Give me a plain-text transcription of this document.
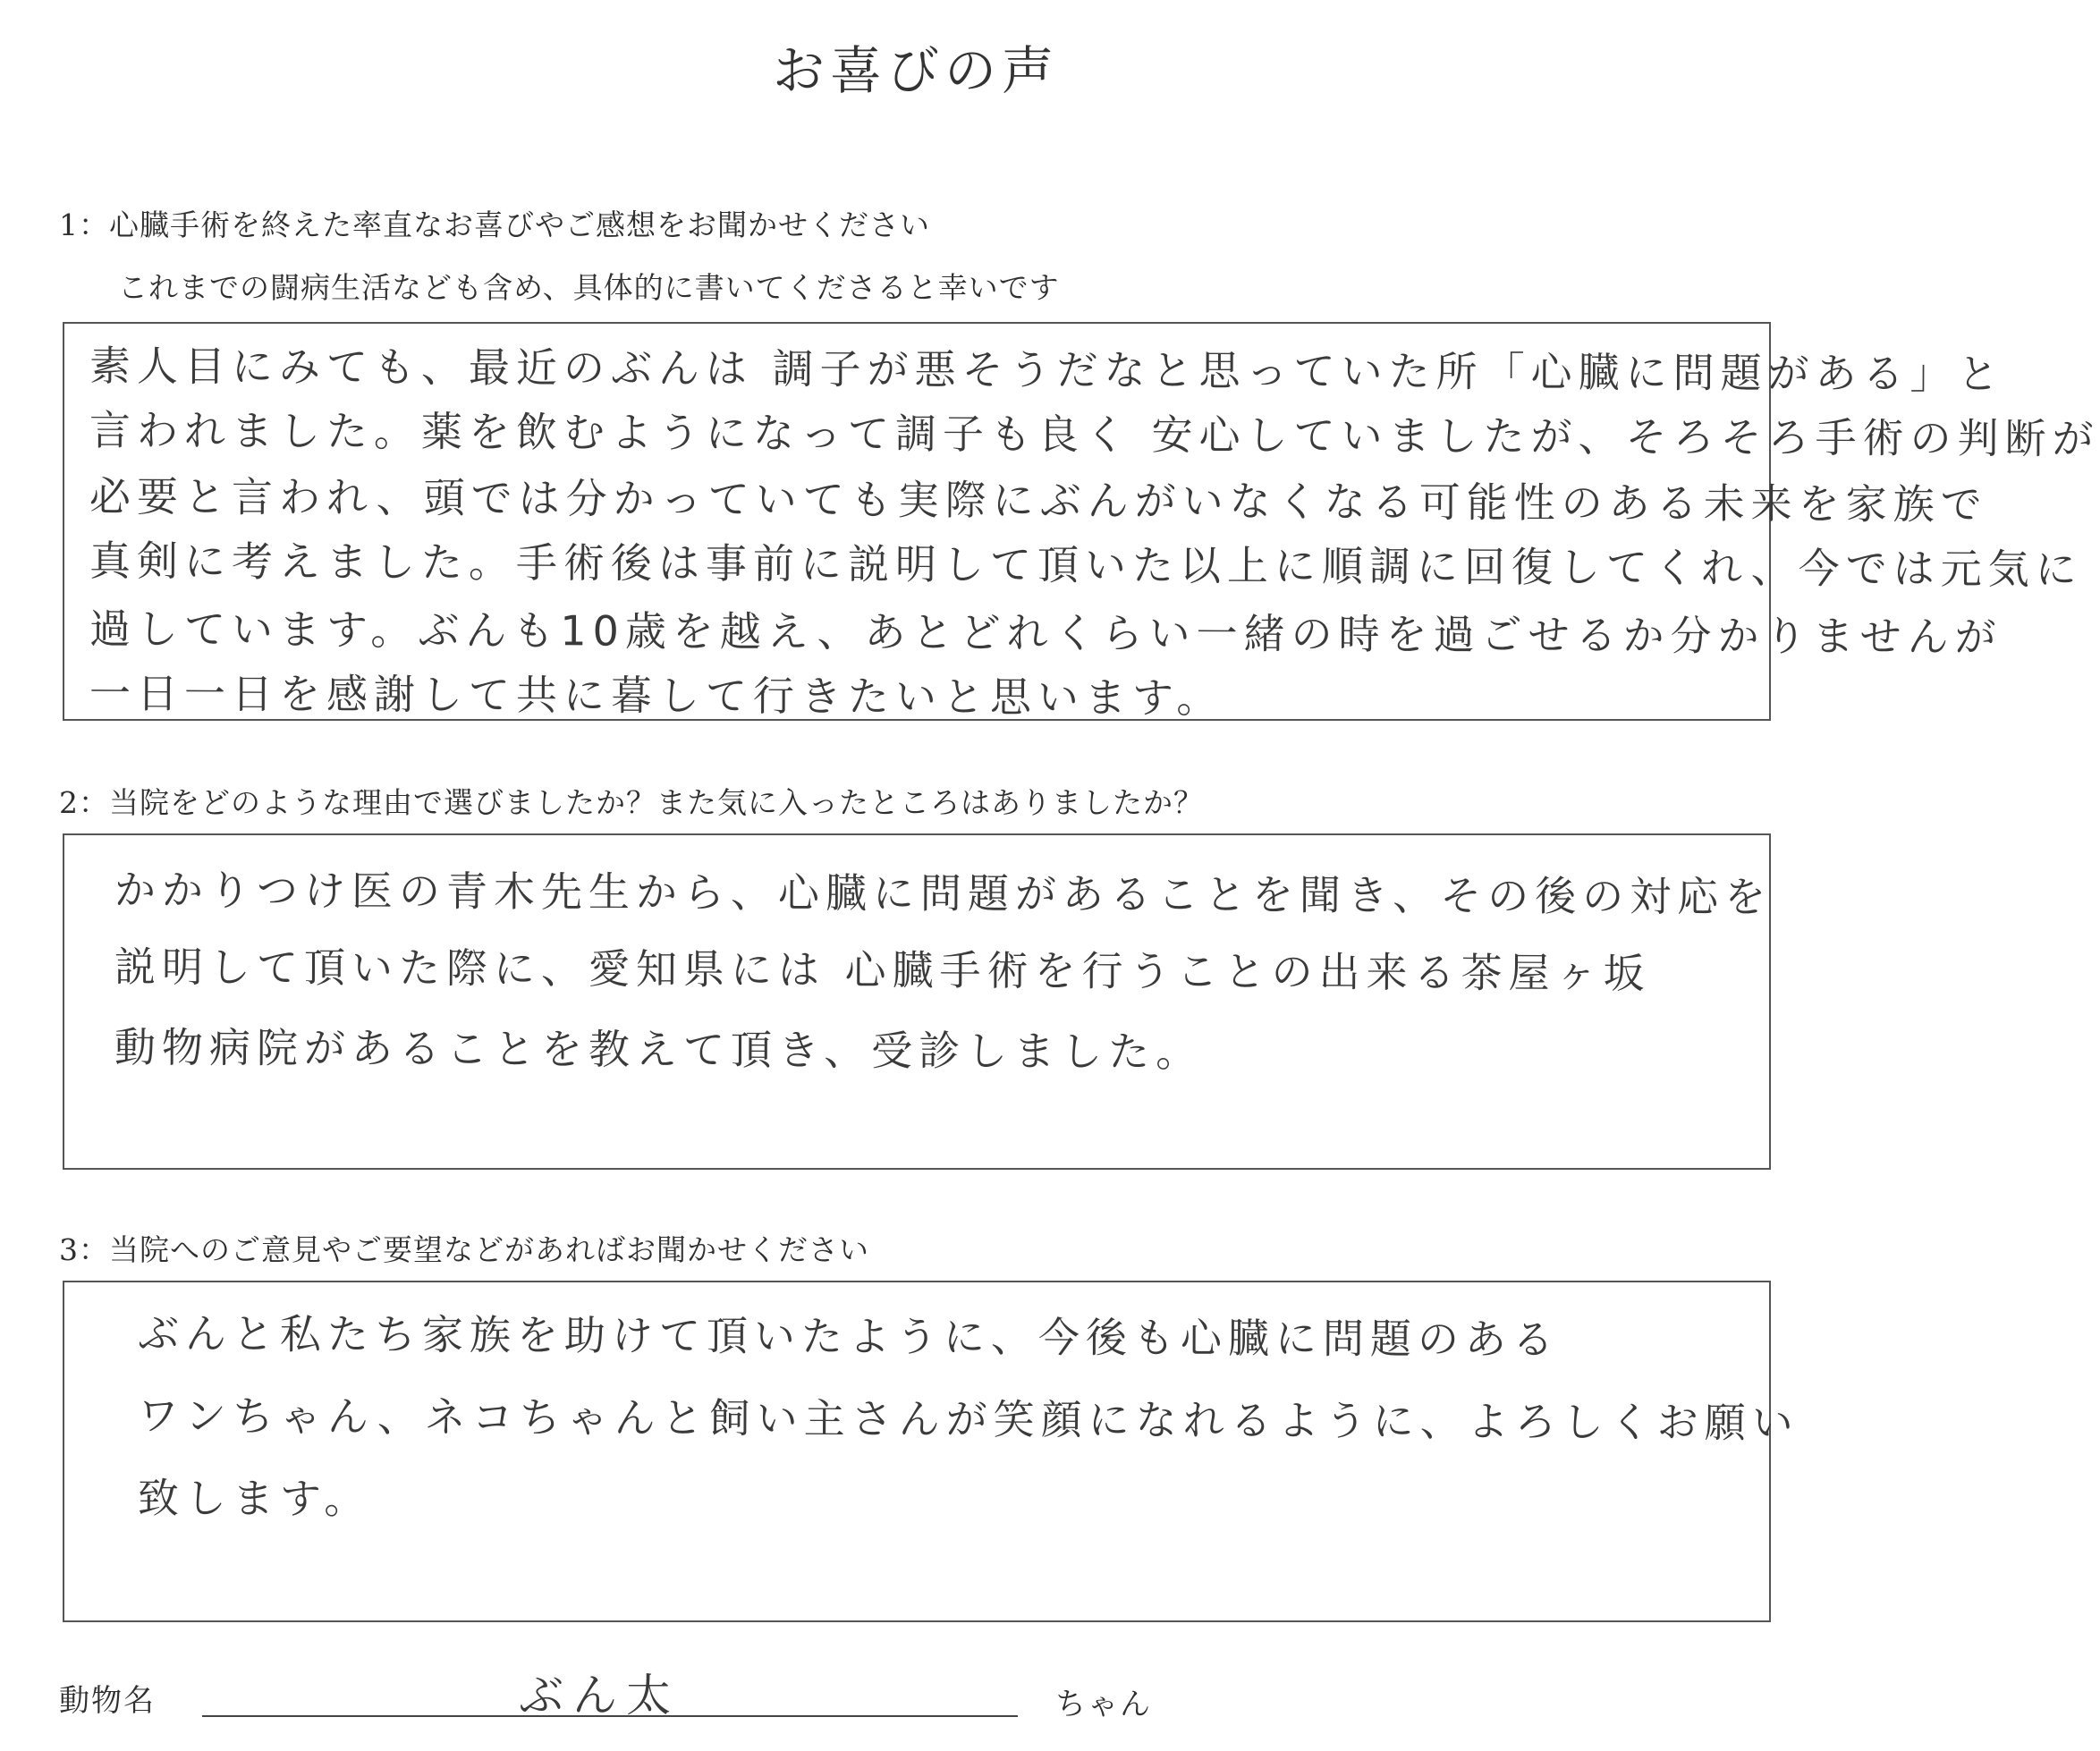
お喜びの声
1：心臓手術を終えた率直なお喜びやご感想をお聞かせください
これまでの闘病生活なども含め、具体的に書いてくださると幸いです
素人目にみても、最近のぶんは 調子が悪そうだなと思っていた所「心臓に問題がある」と
言われました。薬を飲むようになって調子も良く 安心していましたが、そろそろ手術の判断が
必要と言われ、頭では分かっていても実際にぶんがいなくなる可能性のある未来を家族で
真剣に考えました。手術後は事前に説明して頂いた以上に順調に回復してくれ、今では元気に
過しています。ぶんも10歳を越え、あとどれくらい一緒の時を過ごせるか分かりませんが
一日一日を感謝して共に暮して行きたいと思います。
2：当院をどのような理由で選びましたか？また気に入ったところはありましたか？
かかりつけ医の青木先生から、心臓に問題があることを聞き、その後の対応を
説明して頂いた際に、愛知県には 心臓手術を行うことの出来る茶屋ヶ坂
動物病院があることを教えて頂き、受診しました。
3：当院へのご意見やご要望などがあればお聞かせください
ぶんと私たち家族を助けて頂いたように、今後も心臓に問題のある
ワンちゃん、ネコちゃんと飼い主さんが笑顔になれるように、よろしくお願い
致します。
動物名	ぶん太	ちゃん
